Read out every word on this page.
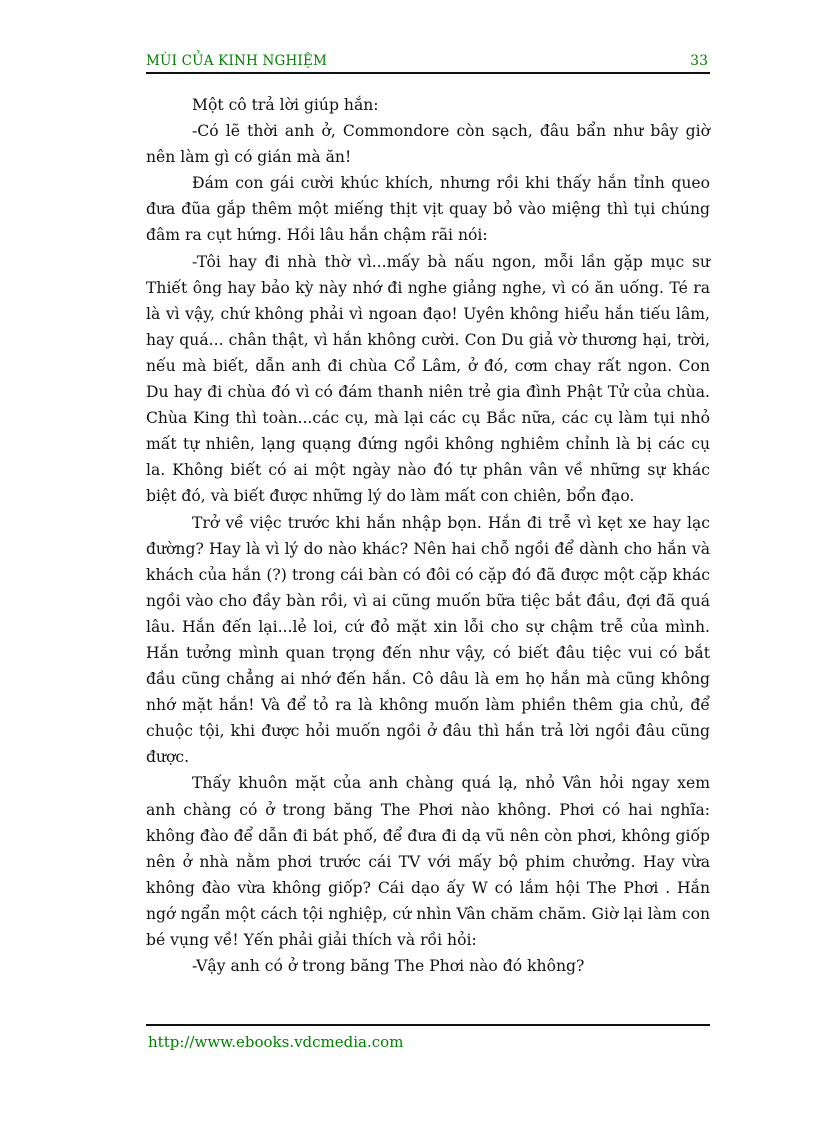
MÙI CỦA KINH NGHIỆM	33

Một cô trả lời giúp hắn:

-Có lẽ thời anh ở, Commondore còn sạch, đâu bẩn như bây giờ nên làm gì có gián mà ăn!

Đám con gái cười khúc khích, nhưng rồi khi thấy hắn tỉnh queo đưa đũa gắp thêm một miếng thịt vịt quay bỏ vào miệng thì tụi chúng đâm ra cụt hứng. Hồi lâu hắn chậm rãi nói:

-Tôi hay đi nhà thờ vì...mấy bà nấu ngon, mỗi lần gặp mục sư Thiết ông hay bảo kỳ này nhớ đi nghe giảng nghe, vì có ăn uống. Té ra là vì vậy, chứ không phải vì ngoan đạo! Uyên không hiểu hắn tiếu lâm, hay quá... chân thật, vì hắn không cười. Con Du giả vờ thương hại, trời, nếu mà biết, dẫn anh đi chùa Cổ Lâm, ở đó, cơm chay rất ngon. Con Du hay đi chùa đó vì có đám thanh niên trẻ gia đình Phật Tử của chùa. Chùa King thì toàn...các cụ, mà lại các cụ Bắc nữa, các cụ làm tụi nhỏ mất tự nhiên, lạng quạng đứng ngồi không nghiêm chỉnh là bị các cụ la. Không biết có ai một ngày nào đó tự phân vân về những sự khác biệt đó, và biết được những lý do làm mất con chiên, bổn đạo.

Trở về việc trước khi hắn nhập bọn. Hắn đi trễ vì kẹt xe hay lạc đường? Hay là vì lý do nào khác? Nên hai chỗ ngồi để dành cho hắn và khách của hắn (?) trong cái bàn có đôi có cặp đó đã được một cặp khác ngồi vào cho đầy bàn rồi, vì ai cũng muốn bữa tiệc bắt đầu, đợi đã quá lâu. Hắn đến lại...lẻ loi, cứ đỏ mặt xin lỗi cho sự chậm trễ của mình. Hắn tưởng mình quan trọng đến như vậy, có biết đâu tiệc vui có bắt đầu cũng chẳng ai nhớ đến hắn. Cô dâu là em họ hắn mà cũng không nhớ mặt hắn! Và để tỏ ra là không muốn làm phiền thêm gia chủ, để chuộc tội, khi được hỏi muốn ngồi ở đâu thì hắn trả lời ngồi đâu cũng được.

Thấy khuôn mặt của anh chàng quá lạ, nhỏ Vân hỏi ngay xem anh chàng có ở trong băng The Phơi nào không. Phơi có hai nghĩa: không đào để dẫn đi bát phố, để đưa đi dạ vũ nên còn phơi, không giốp nên ở nhà nằm phơi trước cái TV với mấy bộ phim chưởng. Hay vừa không đào vừa không giốp? Cái dạo ấy W có lắm hội The Phơi . Hắn ngớ ngẩn một cách tội nghiệp, cứ nhìn Vân chăm chăm. Giờ lại làm con bé vụng về! Yến phải giải thích và rồi hỏi:

-Vậy anh có ở trong băng The Phơi nào đó không?

http://www.ebooks.vdcmedia.com
